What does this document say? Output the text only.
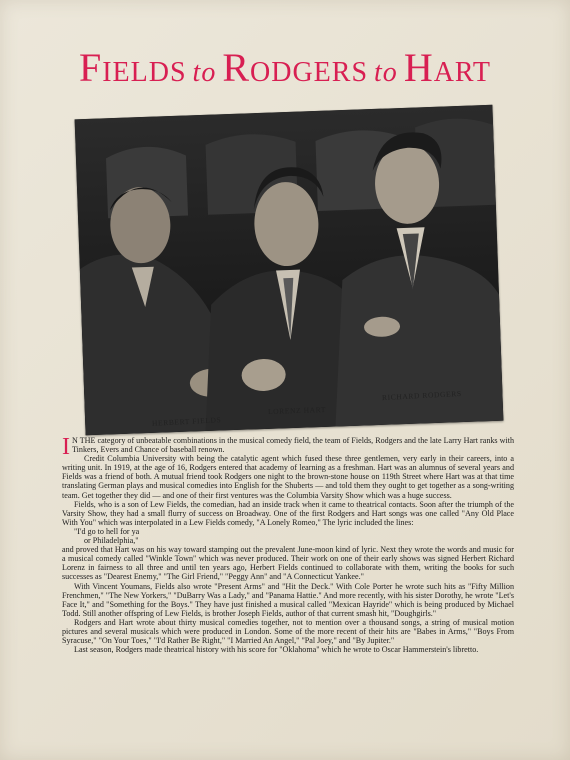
Fields to Rodgers to Hart
HERBERT FIELDS
LORENZ HART
RICHARD RODGERS

I N THE category of unbeatable combinations in the musical comedy field, the team of Fields, Rodgers and the late Larry Hart ranks with Tinkers, Evers and Chance of baseball renown.

Credit Columbia University with being the catalytic agent which fused these three gentlemen, very early in their careers, into a writing unit. In 1919, at the age of 16, Rodgers entered that academy of learning as a freshman. Hart was an alumnus of several years and Fields was a friend of both. A mutual friend took Rodgers one night to the brown-stone house on 119th Street where Hart was at that time translating German plays and musical comedies into English for the Shuberts — and told them they ought to get together as a song-writing team. Get together they did — and one of their first ventures was the Columbia Varsity Show which was a huge success.

Fields, who is a son of Lew Fields, the comedian, had an inside track when it came to theatrical contacts. Soon after the triumph of the Varsity Show, they had a small flurry of success on Broadway. One of the first Rodgers and Hart songs was one called "Any Old Place With You" which was interpolated in a Lew Fields comedy, "A Lonely Romeo," The lyric included the lines:

"I'd go to hell for ya

or Philadelphia,"

and proved that Hart was on his way toward stamping out the prevalent June-moon kind of lyric. Next they wrote the words and music for a musical comedy called "Winkle Town" which was never produced. Their work on one of their early shows was signed Herbert Richard Lorenz in fairness to all three and until ten years ago, Herbert Fields continued to collaborate with them, writing the books for such successes as "Dearest Enemy," "The Girl Friend," "Peggy Ann" and "A Connecticut Yankee."

With Vincent Youmans, Fields also wrote "Present Arms" and "Hit the Deck." With Cole Porter he wrote such hits as "Fifty Million Frenchmen," "The New Yorkers," "DuBarry Was a Lady," and "Panama Hattie." And more recently, with his sister Dorothy, he wrote "Let's Face It," and "Something for the Boys." They have just finished a musical called "Mexican Hayride" which is being produced by Michael Todd. Still another offspring of Lew Fields, is brother Joseph Fields, author of that current smash hit, "Doughgirls."

Rodgers and Hart wrote about thirty musical comedies together, not to mention over a thousand songs, a string of musical motion pictures and several musicals which were produced in London. Some of the more recent of their hits are "Babes in Arms," "Boys From Syracuse," "On Your Toes," "I'd Rather Be Right," "I Married An Angel," "Pal Joey," and "By Jupiter."

Last season, Rodgers made theatrical history with his score for "Oklahoma" which he wrote to Oscar Hammerstein's libretto.
